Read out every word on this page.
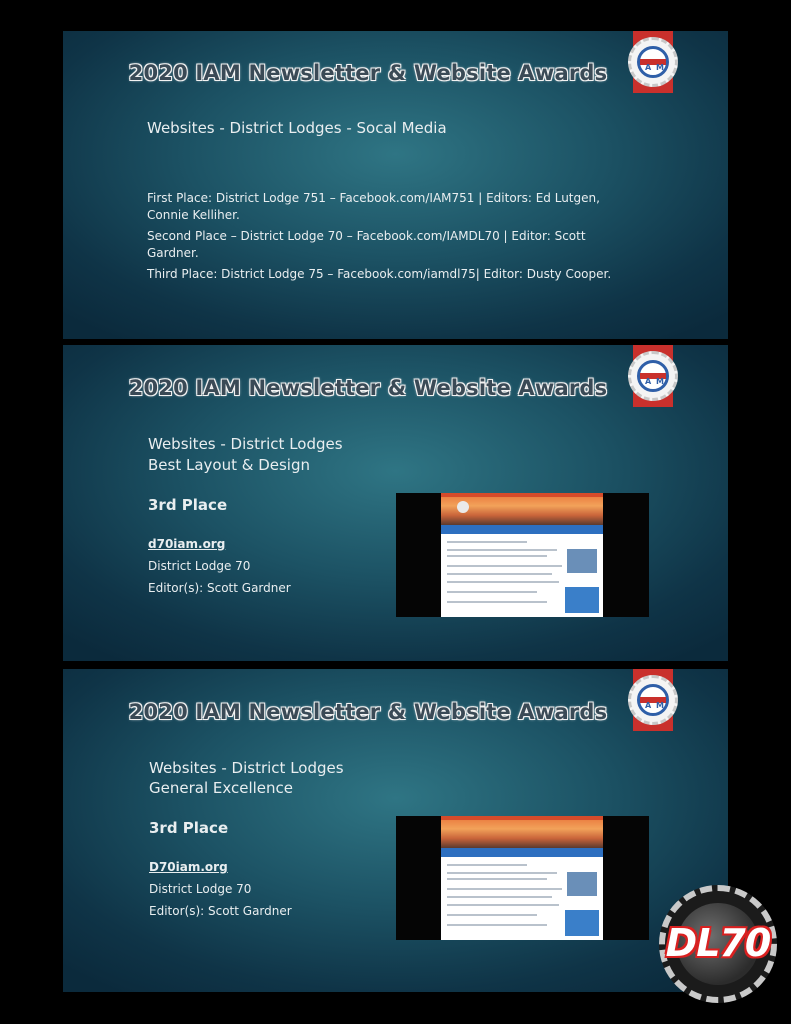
2020 IAM Newsletter & Website Awards	A M
Websites - District Lodges - Socal Media
First Place: District Lodge 751 – Facebook.com/IAM751 | Editors: Ed Lutgen,
Connie Kelliher.
Second Place – District Lodge 70 – Facebook.com/IAMDL70 | Editor: Scott
Gardner.
Third Place: District Lodge 75 – Facebook.com/iamdl75| Editor: Dusty Cooper.
2020 IAM Newsletter & Website Awards	A M
Websites - District Lodges
Best Layout & Design
3rd Place
d70iam.org
District Lodge 70
Editor(s): Scott Gardner
2020 IAM Newsletter & Website Awards	A M
Websites - District Lodges
General Excellence
3rd Place
D70iam.org
District Lodge 70
Editor(s): Scott Gardner
DL70
